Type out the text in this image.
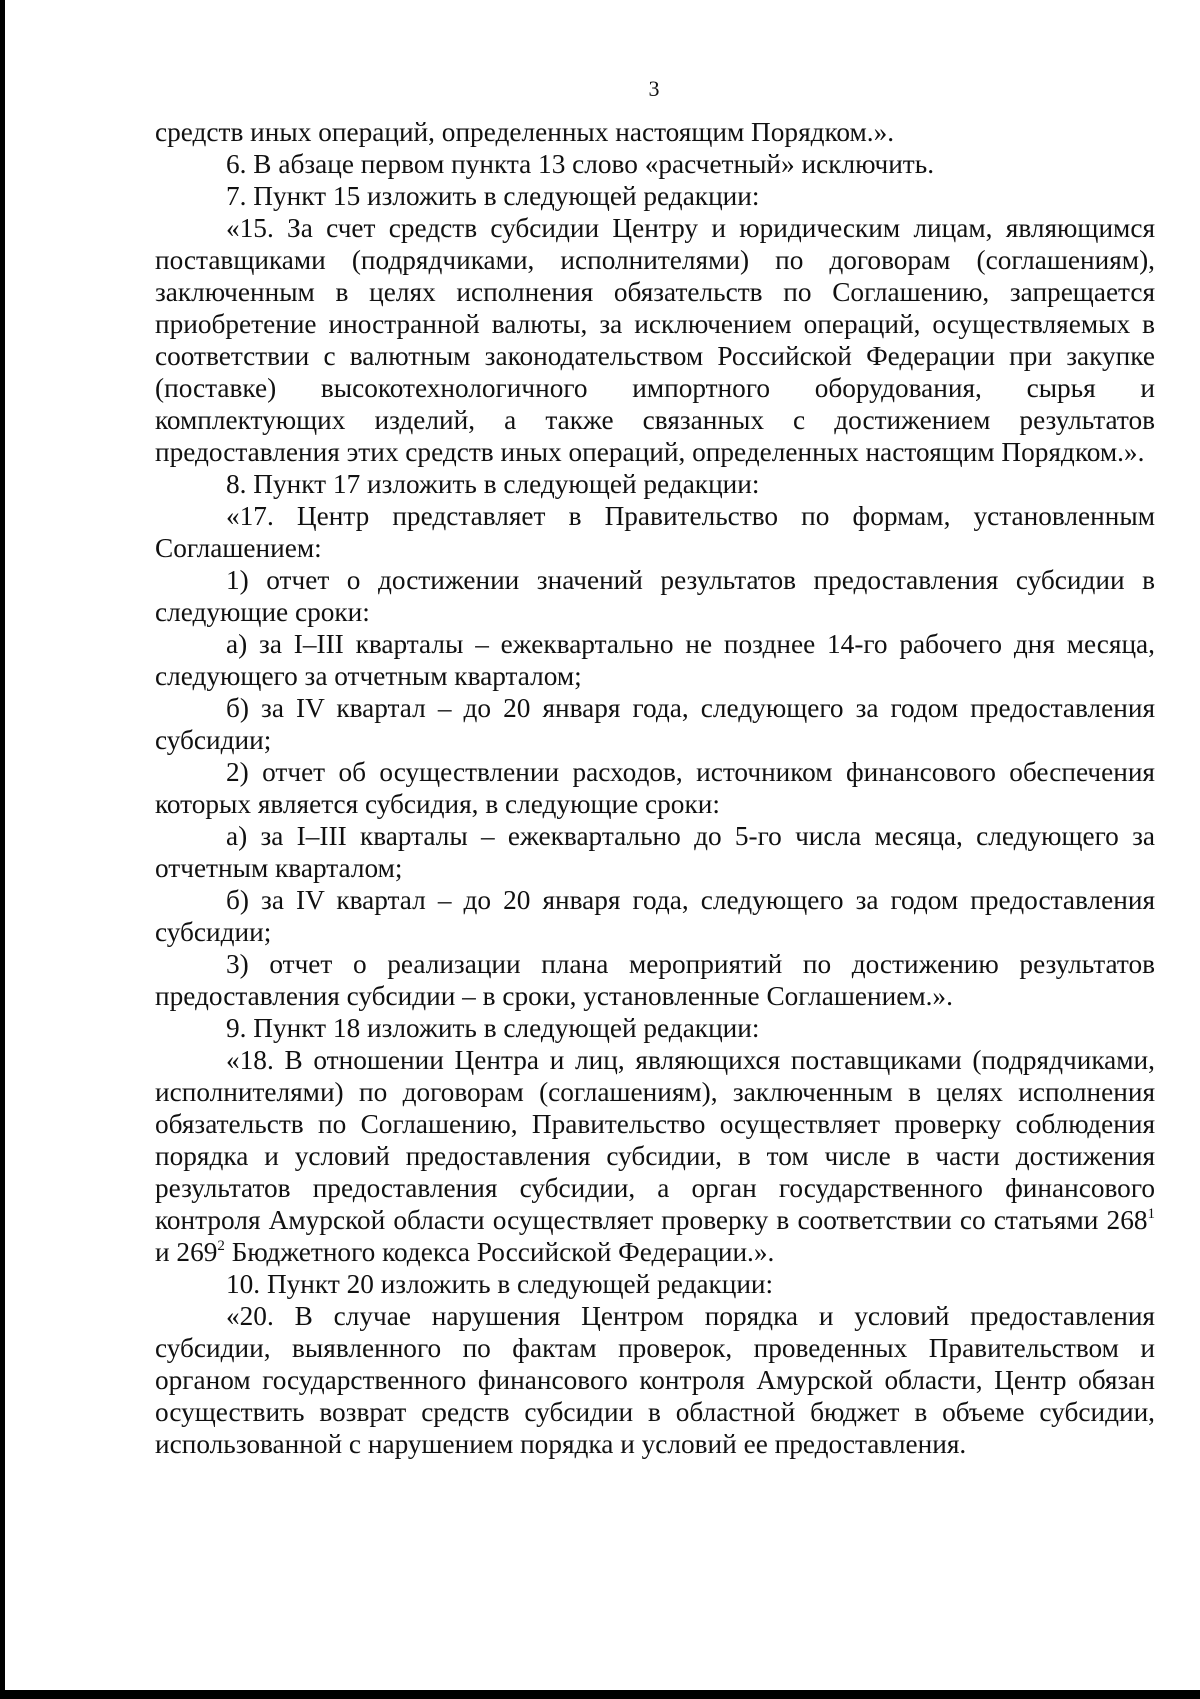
3

средств иных операций, определенных настоящим Порядком.».

6. В абзаце первом пункта 13 слово «расчетный» исключить.

7. Пункт 15 изложить в следующей редакции:

«15. За счет средств субсидии Центру и юридическим лицам, являющимся поставщиками (подрядчиками, исполнителями) по договорам (соглашениям), заключенным в целях исполнения обязательств по Соглашению, запрещается приобретение иностранной валюты, за исключением операций, осуществляемых в соответствии с валютным законодательством Российской Федерации при закупке (поставке) высокотехнологичного импортного оборудования, сырья и комплектующих изделий, а также связанных с достижением результатов предоставления этих средств иных операций, определенных настоящим Порядком.».

8. Пункт 17 изложить в следующей редакции:

«17. Центр представляет в Правительство по формам, установленным Соглашением:

1) отчет о достижении значений результатов предоставления субсидии в следующие сроки:

а) за I–III кварталы – ежеквартально не позднее 14-го рабочего дня месяца, следующего за отчетным кварталом;

б) за IV квартал – до 20 января года, следующего за годом предоставления субсидии;

2) отчет об осуществлении расходов, источником финансового обеспечения которых является субсидия, в следующие сроки:

а) за I–III кварталы – ежеквартально до 5-го числа месяца, следующего за отчетным кварталом;

б) за IV квартал – до 20 января года, следующего за годом предоставления субсидии;

3) отчет о реализации плана мероприятий по достижению результатов предоставления субсидии – в сроки, установленные Соглашением.».

9. Пункт 18 изложить в следующей редакции:

«18. В отношении Центра и лиц, являющихся поставщиками (подрядчиками, исполнителями) по договорам (соглашениям), заключенным в целях исполнения обязательств по Соглашению, Правительство осуществляет проверку соблюдения порядка и условий предоставления субсидии, в том числе в части достижения результатов предоставления субсидии, а орган государственного финансового контроля Амурской области осуществляет проверку в соответствии со статьями $268^1$ и $269^2$ Бюджетного кодекса Российской Федерации.».

10. Пункт 20 изложить в следующей редакции:

«20. В случае нарушения Центром порядка и условий предоставления субсидии, выявленного по фактам проверок, проведенных Правительством и органом государственного финансового контроля Амурской области, Центр обязан осуществить возврат средств субсидии в областной бюджет в объеме субсидии, использованной с нарушением порядка и условий ее предоставления.
